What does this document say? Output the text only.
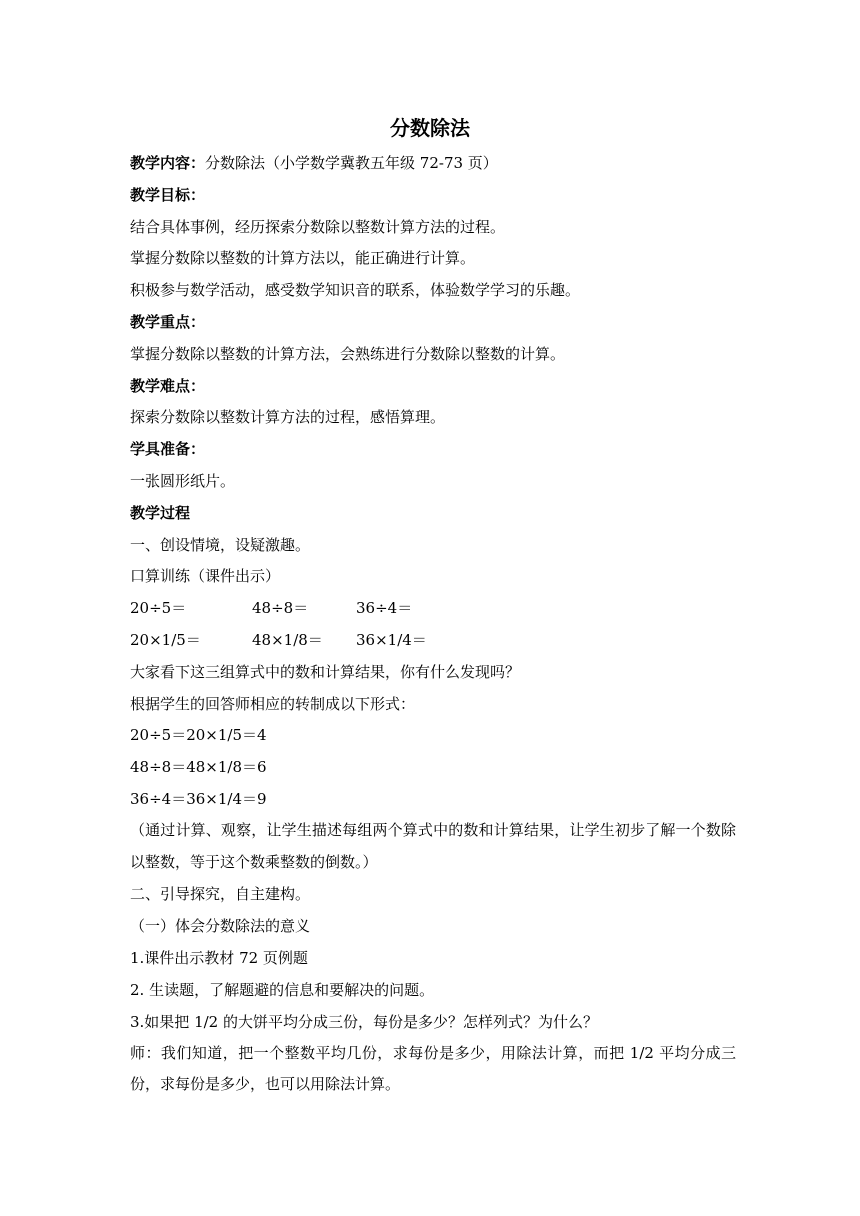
分数除法
教学内容：分数除法（小学数学冀教五年级 72-73 页）
教学目标：
结合具体事例，经历探索分数除以整数计算方法的过程。
掌握分数除以整数的计算方法以，能正确进行计算。
积极参与数学活动，感受数学知识音的联系，体验数学学习的乐趣。
教学重点：
掌握分数除以整数的计算方法，会熟练进行分数除以整数的计算。
教学难点：
探索分数除以整数计算方法的过程，感悟算理。
学具准备：
一张圆形纸片。
教学过程
一、创设情境，设疑激趣。
口算训练（课件出示）
20÷5＝	48÷8＝	36÷4＝
20×1/5＝	48×1/8＝ 36×1/4＝
大家看下这三组算式中的数和计算结果，你有什么发现吗？
根据学生的回答师相应的转制成以下形式：
20÷5＝20×1/5＝4
48÷8＝48×1/8＝6
36÷4＝36×1/4＝9
（通过计算、观察，让学生描述每组两个算式中的数和计算结果，让学生初步了解一个数除以整数，等于这个数乘整数的倒数。）
二、引导探究，自主建构。
（一）体会分数除法的意义
1.课件出示教材 72 页例题
2. 生读题，了解题避的信息和要解决的问题。
3.如果把 1/2 的大饼平均分成三份，每份是多少？怎样列式？为什么？
师：我们知道，把一个整数平均几份，求每份是多少，用除法计算，而把 1/2 平均分成三份，求每份是多少，也可以用除法计算。
